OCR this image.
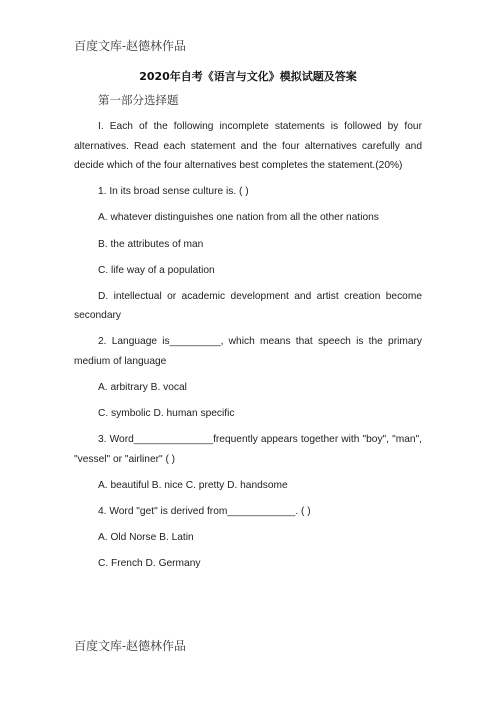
百度文库-赵德林作品
2020年自考《语言与文化》模拟试题及答案

第一部分选择题

I. Each of the following incomplete statements is followed by four alternatives. Read each statement and the four alternatives carefully and decide which of the four alternatives best completes the statement.(20%)

1. In its broad sense culture is. ( )

A. whatever distinguishes one nation from all the other nations

B. the attributes of man

C. life way of a population

D. intellectual or academic development and artist creation become secondary

2. Language is_________, which means that speech is the primary medium of language

A. arbitrary B. vocal

C. symbolic D. human specific

3. Word______________frequently appears together with "boy", "man", "vessel" or "airliner" ( )

A. beautiful B. nice C. pretty D. handsome

4. Word "get" is derived from____________. ( )

A. Old Norse B. Latin

C. French D. Germany

百度文库-赵德林作品
